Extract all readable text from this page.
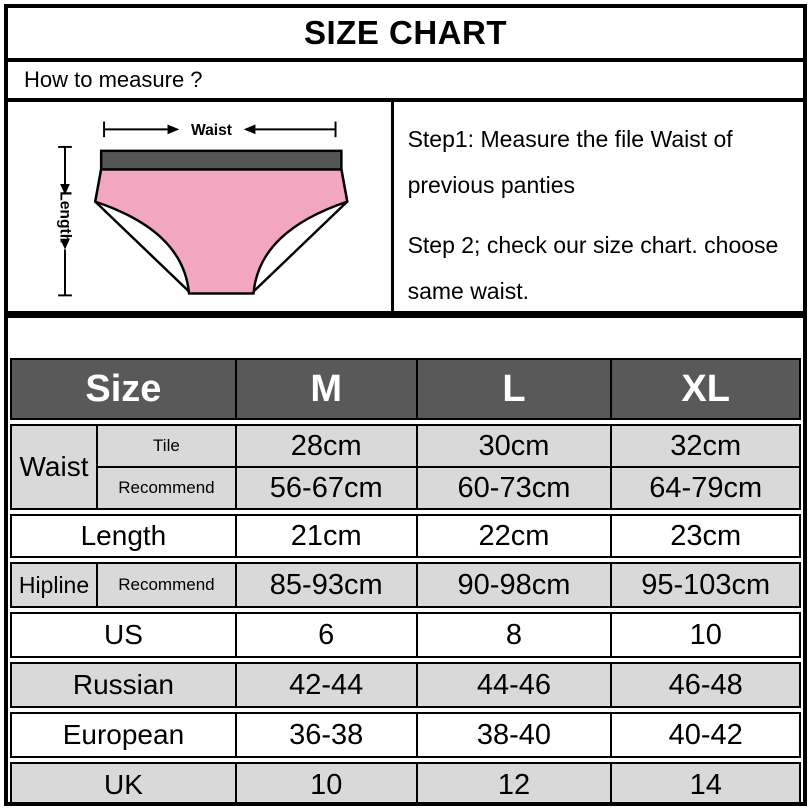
SIZE CHART
How to measure ?
Waist
Length

Step1: Measure the file Waist of
previous panties

Step 2; check our size chart. choose
same waist.

Size	M	L	XL
Waist	Tile	28cm	30cm	32cm
	Recommend	56-67cm	60-73cm	64-79cm
Length	21cm	22cm	23cm
Hipline	Recommend	85-93cm	90-98cm	95-103cm
US	6	8	10
Russian	42-44	44-46	46-48
European	36-38	38-40	40-42
UK	10	12	14
